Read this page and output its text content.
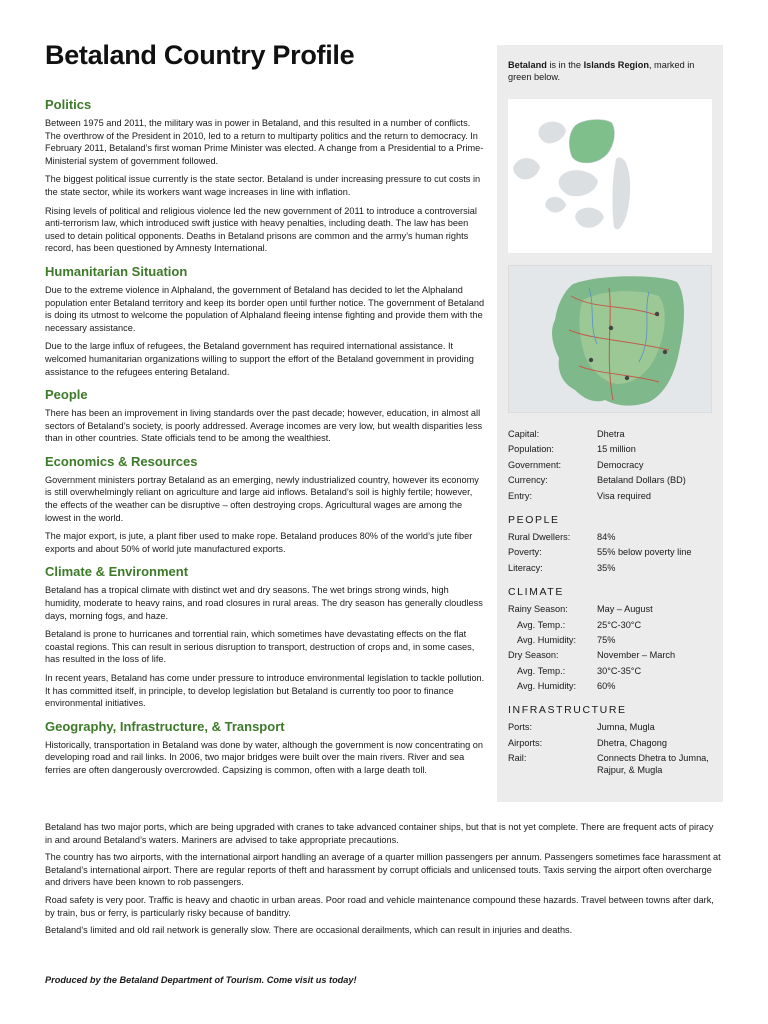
Betaland Country Profile
Politics

Between 1975 and 2011, the military was in power in Betaland, and this resulted in a number of conflicts. The overthrow of the President in 2010, led to a return to multiparty politics and the return to democracy. In February 2011, Betaland’s first woman Prime Minister was elected. A change from a Presidential to a Prime-Ministerial system of government followed.

The biggest political issue currently is the state sector. Betaland is under increasing pressure to cut costs in the state sector, while its workers want wage increases in line with inflation.

Rising levels of political and religious violence led the new government of 2011 to introduce a controversial anti-terrorism law, which introduced swift justice with heavy penalties, including death. The law has been used to detain political opponents. Deaths in Betaland prisons are common and the army’s human rights record, has been questioned by Amnesty International.

Humanitarian Situation

Due to the extreme violence in Alphaland, the government of Betaland has decided to let the Alphaland population enter Betaland territory and keep its border open until further notice. The government of Betaland is doing its utmost to welcome the population of Alphaland fleeing intense fighting and provide them with the necessary assistance.

Due to the large influx of refugees, the Betaland government has required international assistance. It welcomed humanitarian organizations willing to support the effort of the Betaland government in providing assistance to the refugees entering Betaland.

People

There has been an improvement in living standards over the past decade; however, education, in almost all sectors of Betaland’s society, is poorly addressed. Average incomes are very low, but wealth disparities less than in other countries. State officials tend to be among the wealthiest.

Economics & Resources

Government ministers portray Betaland as an emerging, newly industrialized country, however its economy is still overwhelmingly reliant on agriculture and large aid inflows. Betaland’s soil is highly fertile; however, the effects of the weather can be disruptive – often destroying crops. Agricultural wages are among the lowest in the world.

The major export, is jute, a plant fiber used to make rope. Betaland produces 80% of the world’s jute fiber exports and about 50% of world jute manufactured exports.

Climate & Environment

Betaland has a tropical climate with distinct wet and dry seasons. The wet brings strong winds, high humidity, moderate to heavy rains, and road closures in rural areas. The dry season has generally cloudless days, morning fogs, and haze.

Betaland is prone to hurricanes and torrential rain, which sometimes have devastating effects on the flat coastal regions. This can result in serious disruption to transport, destruction of crops and, in some cases, has resulted in the loss of life.

In recent years, Betaland has come under pressure to introduce environmental legislation to tackle pollution. It has committed itself, in principle, to develop legislation but Betaland is currently too poor to finance environmental initiatives.

Geography, Infrastructure, & Transport

Historically, transportation in Betaland was done by water, although the government is now concentrating on developing road and rail links. In 2006, two major bridges were built over the main rivers. River and sea ferries are often dangerously overcrowded. Capsizing is common, often with a large death toll.

Betaland has two major ports, which are being upgraded with cranes to take advanced container ships, but that is not yet complete. There are frequent acts of piracy in and around Betaland’s waters. Mariners are advised to take appropriate precautions.

The country has two airports, with the international airport handling an average of a quarter million passengers per annum. Passengers sometimes face harassment at Betaland’s international airport. There are regular reports of theft and harassment by corrupt officials and unlicensed touts. Taxis serving the airport often overcharge and drivers have been known to rob passengers.

Road safety is very poor. Traffic is heavy and chaotic in urban areas. Poor road and vehicle maintenance compound these hazards. Travel between towns after dark, by train, bus or ferry, is particularly risky because of banditry.

Betaland’s limited and old rail network is generally slow. There are occasional derailments, which can result in injuries and deaths.

Betaland is in the Islands Region, marked in green below.

Capital:	Dhetra
Population:	15 million
Government:	Democracy
Currency:	Betaland Dollars (BD)
Entry:	Visa required
PEOPLE
Rural Dwellers:	84%
Poverty:	55% below poverty line
Literacy:	35%
CLIMATE
Rainy Season:	May – August
Avg. Temp.:	25°C-30°C
Avg. Humidity:	75%
Dry Season:	November – March
Avg. Temp.:	30°C-35°C
Avg. Humidity:	60%
INFRASTRUCTURE
Ports:	Jumna, Mugla
Airports:	Dhetra, Chagong
Rail:	Connects Dhetra to Jumna, Rajpur, & Mugla
Produced by the Betaland Department of Tourism. Come visit us today!
